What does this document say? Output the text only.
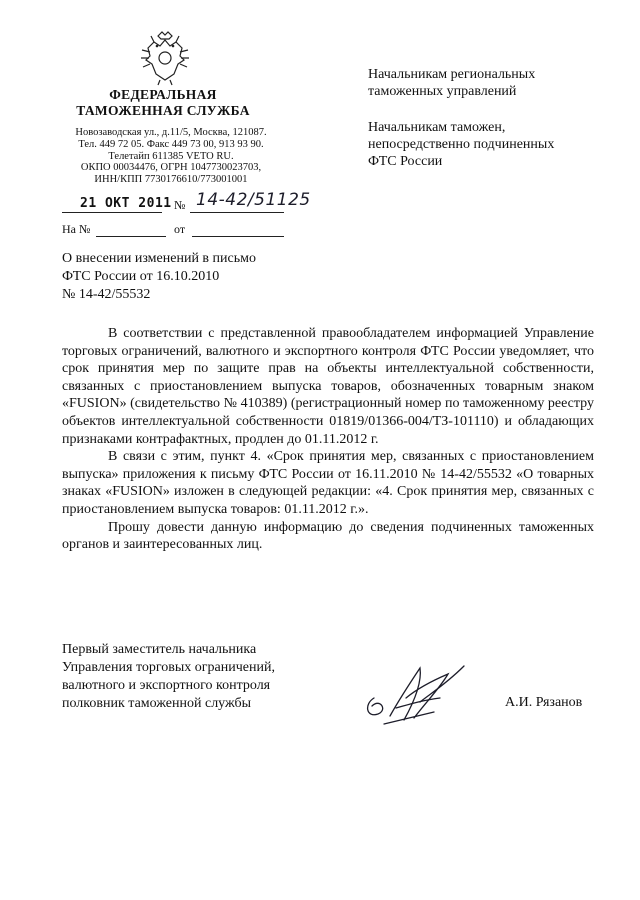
ФЕДЕРАЛЬНАЯ
ТАМОЖЕННАЯ СЛУЖБА
Новозаводская ул., д.11/5, Москва, 121087.
Тел. 449 72 05. Факс 449 73 00, 913 93 90.
Телетайп 611385 VETO RU.
ОКПО 00034476, ОГРН 1047730023703,
ИНН/КПП 7730176610/773001001
21 ОКТ 2011 № 14-42/51125
На №	от
Начальникам региональных
таможенных управлений
Начальникам таможен,
непосредственно подчиненных
ФТС России
О внесении изменений в письмо
ФТС России от 16.10.2010
№ 14-42/55532

В соответствии с представленной правообладателем информацией Управление торговых ограничений, валютного и экспортного контроля ФТС России уведомляет, что срок принятия мер по защите прав на объекты интеллектуальной собственности, связанных с приостановлением выпуска товаров, обозначенных товарным знаком «FUSION» (свидетельство № 410389) (регистрационный номер по таможенному реестру объектов интеллектуальной собственности 01819/01366-004/ТЗ-101110) и обладающих признаками контрафактных, продлен до 01.11.2012 г.

В связи с этим, пункт 4. «Срок принятия мер, связанных с приостановлением выпуска» приложения к письму ФТС России от 16.11.2010 № 14-42/55532 «О товарных знаках «FUSION» изложен в следующей редакции: «4. Срок принятия мер, связанных с приостановлением выпуска товаров: 01.11.2012 г.».

Прошу довести данную информацию до сведения подчиненных таможенных органов и заинтересованных лиц.

Первый заместитель начальника
Управления торговых ограничений,
валютного и экспортного контроля
полковник таможенной службы	А.И. Рязанов
